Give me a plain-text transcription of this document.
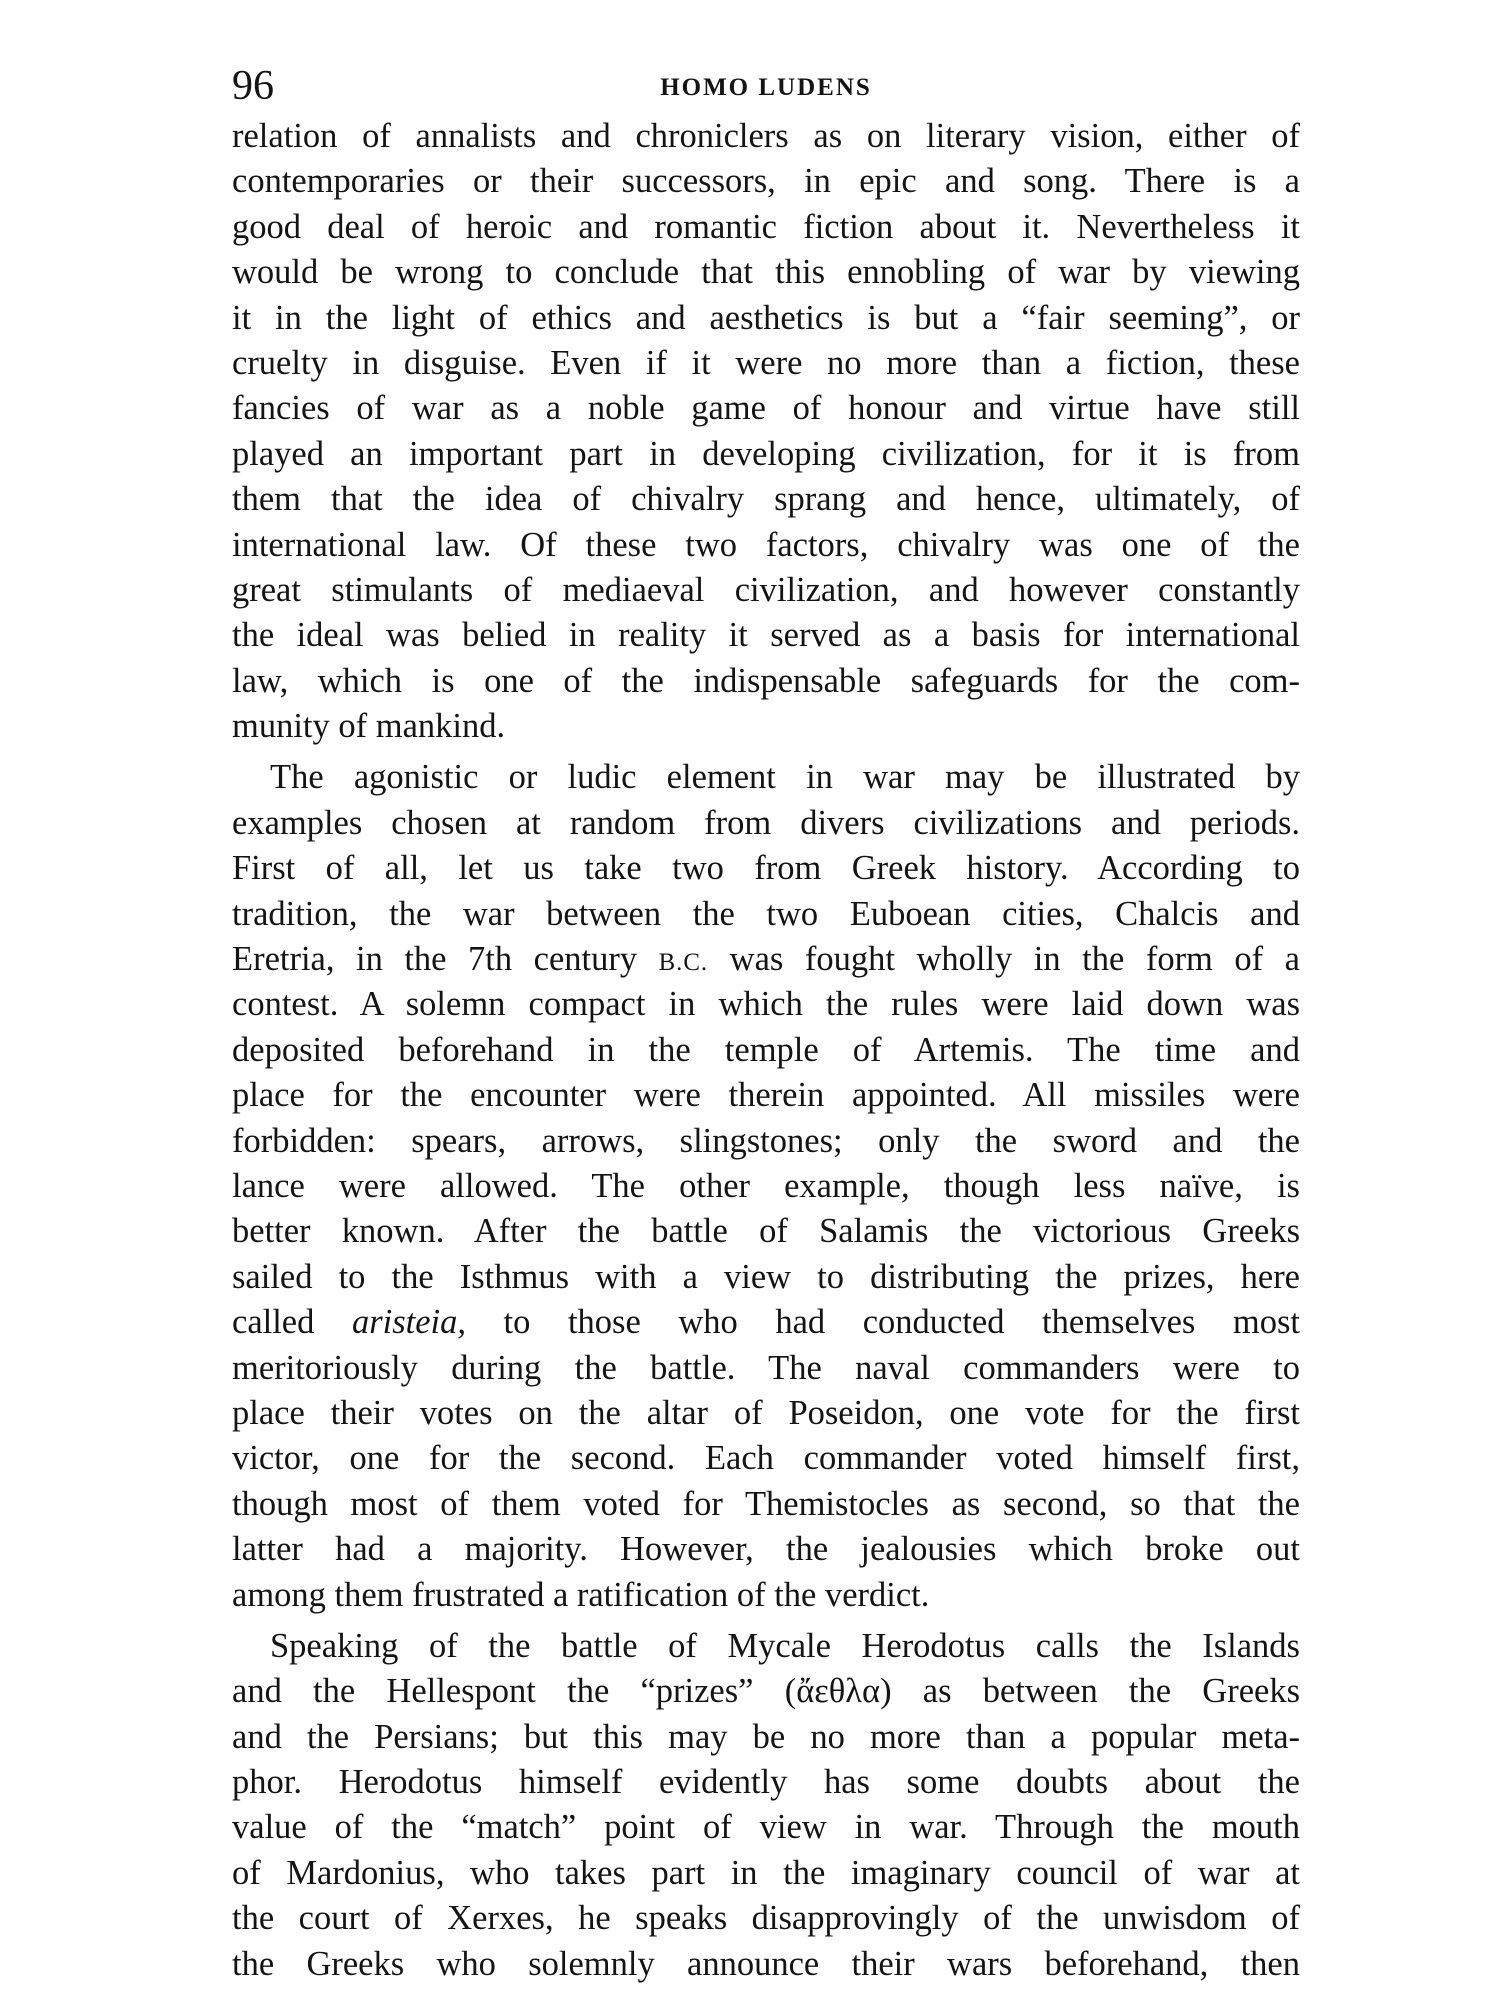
96	HOMO LUDENS
relation of annalists and chroniclers as on literary vision, either of
contemporaries or their successors, in epic and song. There is a
good deal of heroic and romantic fiction about it. Nevertheless it
would be wrong to conclude that this ennobling of war by viewing
it in the light of ethics and aesthetics is but a “fair seeming”, or
cruelty in disguise. Even if it were no more than a fiction, these
fancies of war as a noble game of honour and virtue have still
played an important part in developing civilization, for it is from
them that the idea of chivalry sprang and hence, ultimately, of
international law. Of these two factors, chivalry was one of the
great stimulants of mediaeval civilization, and however constantly
the ideal was belied in reality it served as a basis for international
law, which is one of the indispensable safeguards for the com-
munity of mankind.
The agonistic or ludic element in war may be illustrated by
examples chosen at random from divers civilizations and periods.
First of all, let us take two from Greek history. According to
tradition, the war between the two Euboean cities, Chalcis and
Eretria, in the 7th century B.C. was fought wholly in the form of a
contest. A solemn compact in which the rules were laid down was
deposited beforehand in the temple of Artemis. The time and
place for the encounter were therein appointed. All missiles were
forbidden: spears, arrows, slingstones; only the sword and the
lance were allowed. The other example, though less naïve, is
better known. After the battle of Salamis the victorious Greeks
sailed to the Isthmus with a view to distributing the prizes, here
called aristeia, to those who had conducted themselves most
meritoriously during the battle. The naval commanders were to
place their votes on the altar of Poseidon, one vote for the first
victor, one for the second. Each commander voted himself first,
though most of them voted for Themistocles as second, so that the
latter had a majority. However, the jealousies which broke out
among them frustrated a ratification of the verdict.
Speaking of the battle of Mycale Herodotus calls the Islands
and the Hellespont the “prizes” (ἄεθλα) as between the Greeks
and the Persians; but this may be no more than a popular meta-
phor. Herodotus himself evidently has some doubts about the
value of the “match” point of view in war. Through the mouth
of Mardonius, who takes part in the imaginary council of war at
the court of Xerxes, he speaks disapprovingly of the unwisdom of
the Greeks who solemnly announce their wars beforehand, then
